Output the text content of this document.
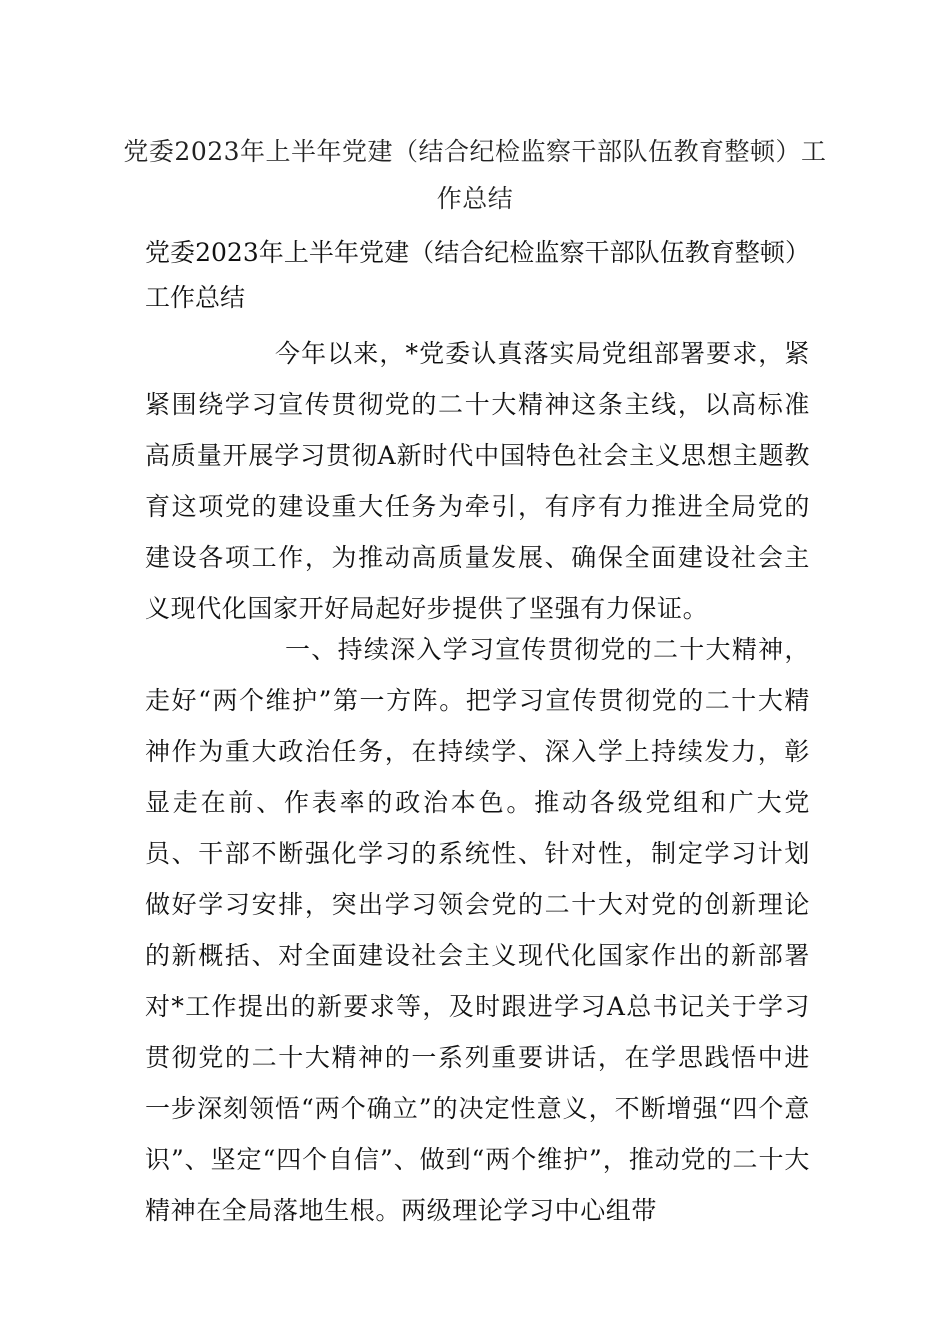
党委2023年上半年党建（结合纪检监察干部队伍教育整顿）工作总结
党委2023年上半年党建（结合纪检监察干部队伍教育整顿）工作总结
今年以来，*党委认真落实局党组部署要求，紧紧围绕学习宣传贯彻党的二十大精神这条主线，以高标准高质量开展学习贯彻A新时代中国特色社会主义思想主题教育这项党的建设重大任务为牵引，有序有力推进全局党的建设各项工作，为推动高质量发展、确保全面建设社会主义现代化国家开好局起好步提供了坚强有力保证。
一、持续深入学习宣传贯彻党的二十大精神，走好“两个维护”第一方阵。把学习宣传贯彻党的二十大精神作为重大政治任务，在持续学、深入学上持续发力，彰显走在前、作表率的政治本色。推动各级党组和广大党员、干部不断强化学习的系统性、针对性，制定学习计划做好学习安排，突出学习领会党的二十大对党的创新理论的新概括、对全面建设社会主义现代化国家作出的新部署对*工作提出的新要求等，及时跟进学习A总书记关于学习贯彻党的二十大精神的一系列重要讲话，在学思践悟中进一步深刻领悟“两个确立”的决定性意义，不断增强“四个意识”、坚定“四个自信”、做到“两个维护”，推动党的二十大精神在全局落地生根。两级理论学习中心组带
